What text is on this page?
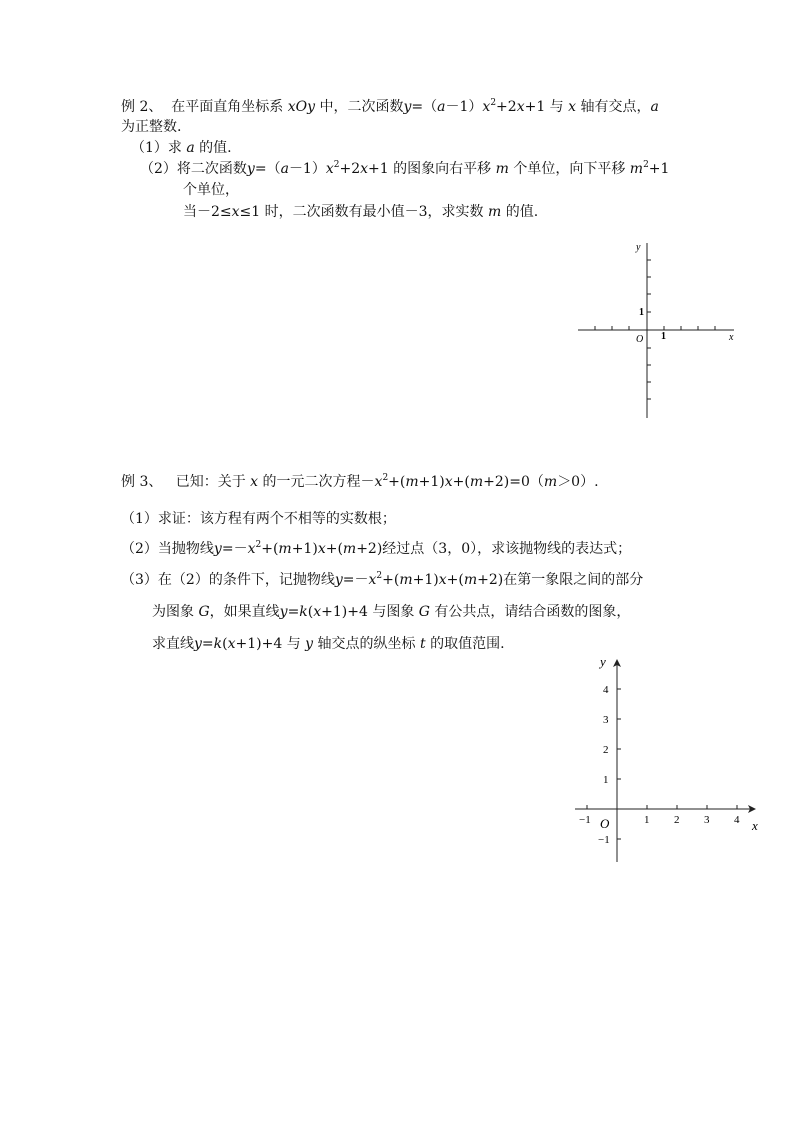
例 2、 在平面直角坐标系 xOy 中，二次函数$y=(a-1)x^2+2x+1$ 与 x 轴有交点，a
为正整数.
（1）求 a 的值.
（2）将二次函数$y=(a-1)x^2+2x+1$ 的图象向右平移 m 个单位，向下平移 $m^2+1$
个单位，
当－2≤x≤1 时，二次函数有最小值－3，求实数 m 的值.
y
x
O 1
1
例 3、 已知：关于 x 的一元二次方程$-x^2+(m+1)x+(m+2)=0(m>0)$.
（1）求证：该方程有两个不相等的实数根；
（2）当抛物线$y=-x^2+(m+1)x+(m+2)$经过点（3，0），求该抛物线的表达式；
（3）在（2）的条件下，记抛物线$y=-x^2+(m+1)x+(m+2)$在第一象限之间的部分
为图象 G，如果直线y=k(x+1)+4 与图象 G 有公共点，请结合函数的图象，
求直线y=k(x+1)+4 与 y 轴交点的纵坐标 t 的取值范围.
y
x
O
−1	1 2 3 4
4
3
2
1
−1
